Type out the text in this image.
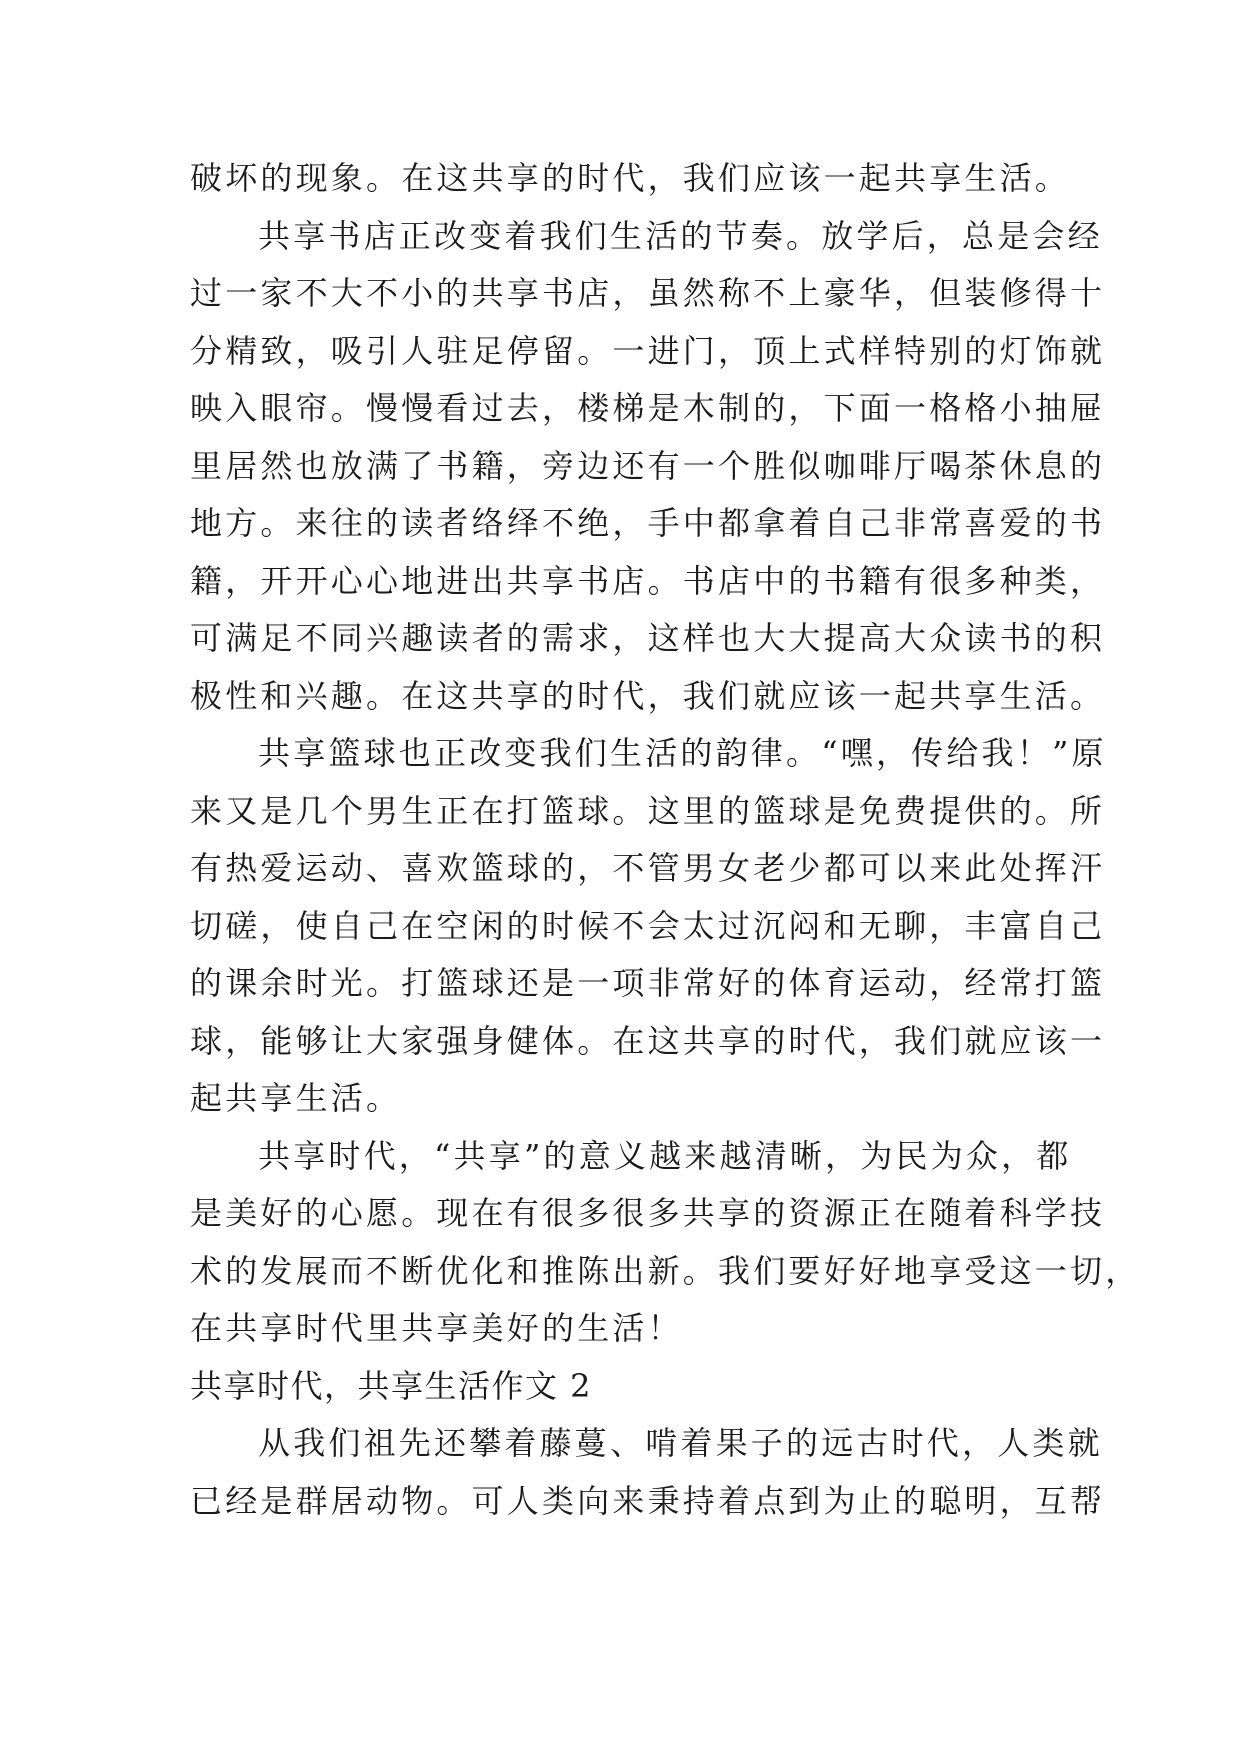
破坏的现象。在这共享的时代，我们应该一起共享生活。
共享书店正改变着我们生活的节奏。放学后，总是会经
过一家不大不小的共享书店，虽然称不上豪华，但装修得十
分精致，吸引人驻足停留。一进门，顶上式样特别的灯饰就
映入眼帘。慢慢看过去，楼梯是木制的，下面一格格小抽屉
里居然也放满了书籍，旁边还有一个胜似咖啡厅喝茶休息的
地方。来往的读者络绎不绝，手中都拿着自己非常喜爱的书
籍，开开心心地进出共享书店。书店中的书籍有很多种类，
可满足不同兴趣读者的需求，这样也大大提高大众读书的积
极性和兴趣。在这共享的时代，我们就应该一起共享生活。
共享篮球也正改变我们生活的韵律。“嘿，传给我！”原
来又是几个男生正在打篮球。这里的篮球是免费提供的。所
有热爱运动、喜欢篮球的，不管男女老少都可以来此处挥汗
切磋，使自己在空闲的时候不会太过沉闷和无聊，丰富自己
的课余时光。打篮球还是一项非常好的体育运动，经常打篮
球，能够让大家强身健体。在这共享的时代，我们就应该一
起共享生活。
共享时代，“共享”的意义越来越清晰，为民为众，都
是美好的心愿。现在有很多很多共享的资源正在随着科学技
术的发展而不断优化和推陈出新。我们要好好地享受这一切，
在共享时代里共享美好的生活！
共享时代，共享生活作文 2
从我们祖先还攀着藤蔓、啃着果子的远古时代，人类就
已经是群居动物。可人类向来秉持着点到为止的聪明，互帮
